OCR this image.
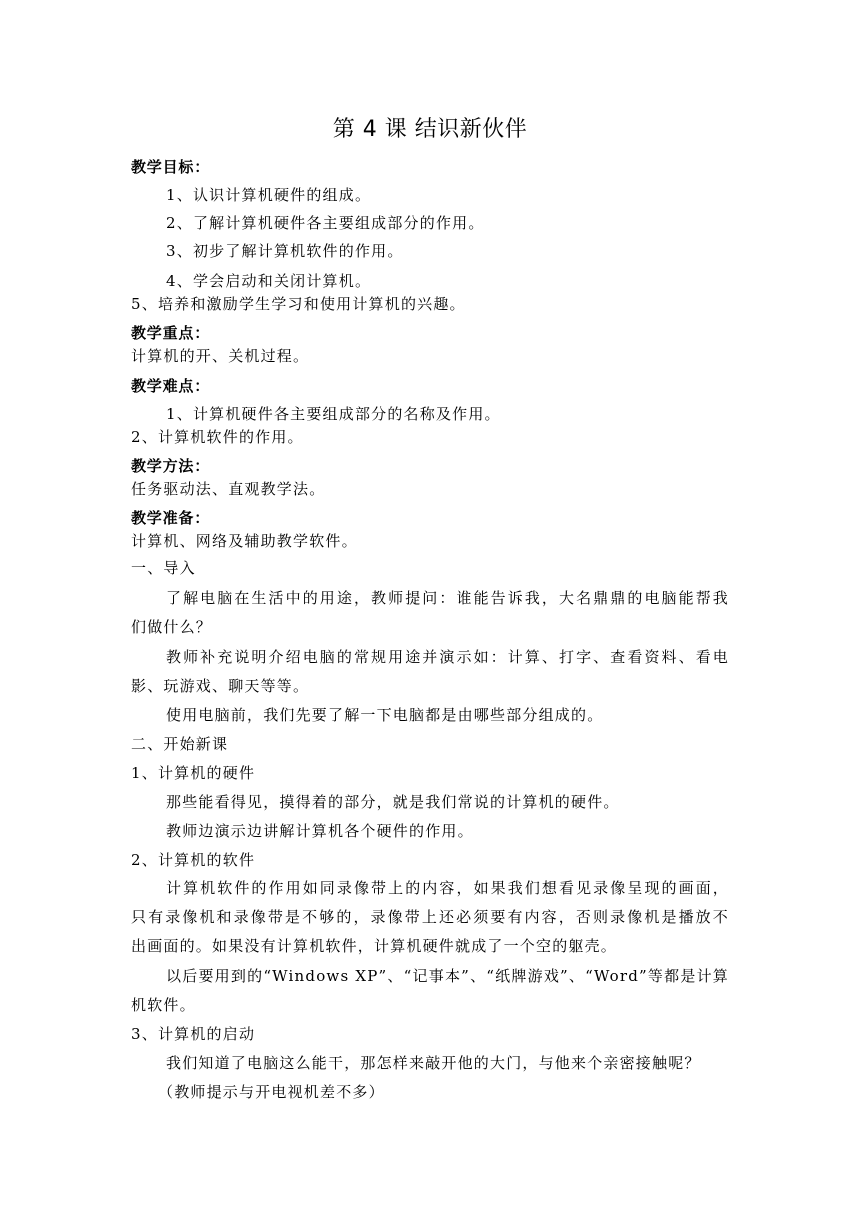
第 4 课 结识新伙伴
教学目标：
1、认识计算机硬件的组成。
2、了解计算机硬件各主要组成部分的作用。
3、初步了解计算机软件的作用。
4、学会启动和关闭计算机。
5、培养和激励学生学习和使用计算机的兴趣。
教学重点：
计算机的开、关机过程。
教学难点：
1、计算机硬件各主要组成部分的名称及作用。
2、计算机软件的作用。
教学方法：
任务驱动法、直观教学法。
教学准备：
计算机、网络及辅助教学软件。
一、导入
了解电脑在生活中的用途，教师提问：谁能告诉我，大名鼎鼎的电脑能帮我
们做什么？
教师补充说明介绍电脑的常规用途并演示如：计算、打字、查看资料、看电
影、玩游戏、聊天等等。
使用电脑前，我们先要了解一下电脑都是由哪些部分组成的。
二、开始新课
1、计算机的硬件
那些能看得见，摸得着的部分，就是我们常说的计算机的硬件。
教师边演示边讲解计算机各个硬件的作用。
2、计算机的软件
计算机软件的作用如同录像带上的内容，如果我们想看见录像呈现的画面，
只有录像机和录像带是不够的，录像带上还必须要有内容，否则录像机是播放不
出画面的。如果没有计算机软件，计算机硬件就成了一个空的躯壳。
以后要用到的“Windows XP”、“记事本”、“纸牌游戏”、“Word”等都是计算
机软件。
3、计算机的启动
我们知道了电脑这么能干，那怎样来敲开他的大门，与他来个亲密接触呢？
（教师提示与开电视机差不多）
